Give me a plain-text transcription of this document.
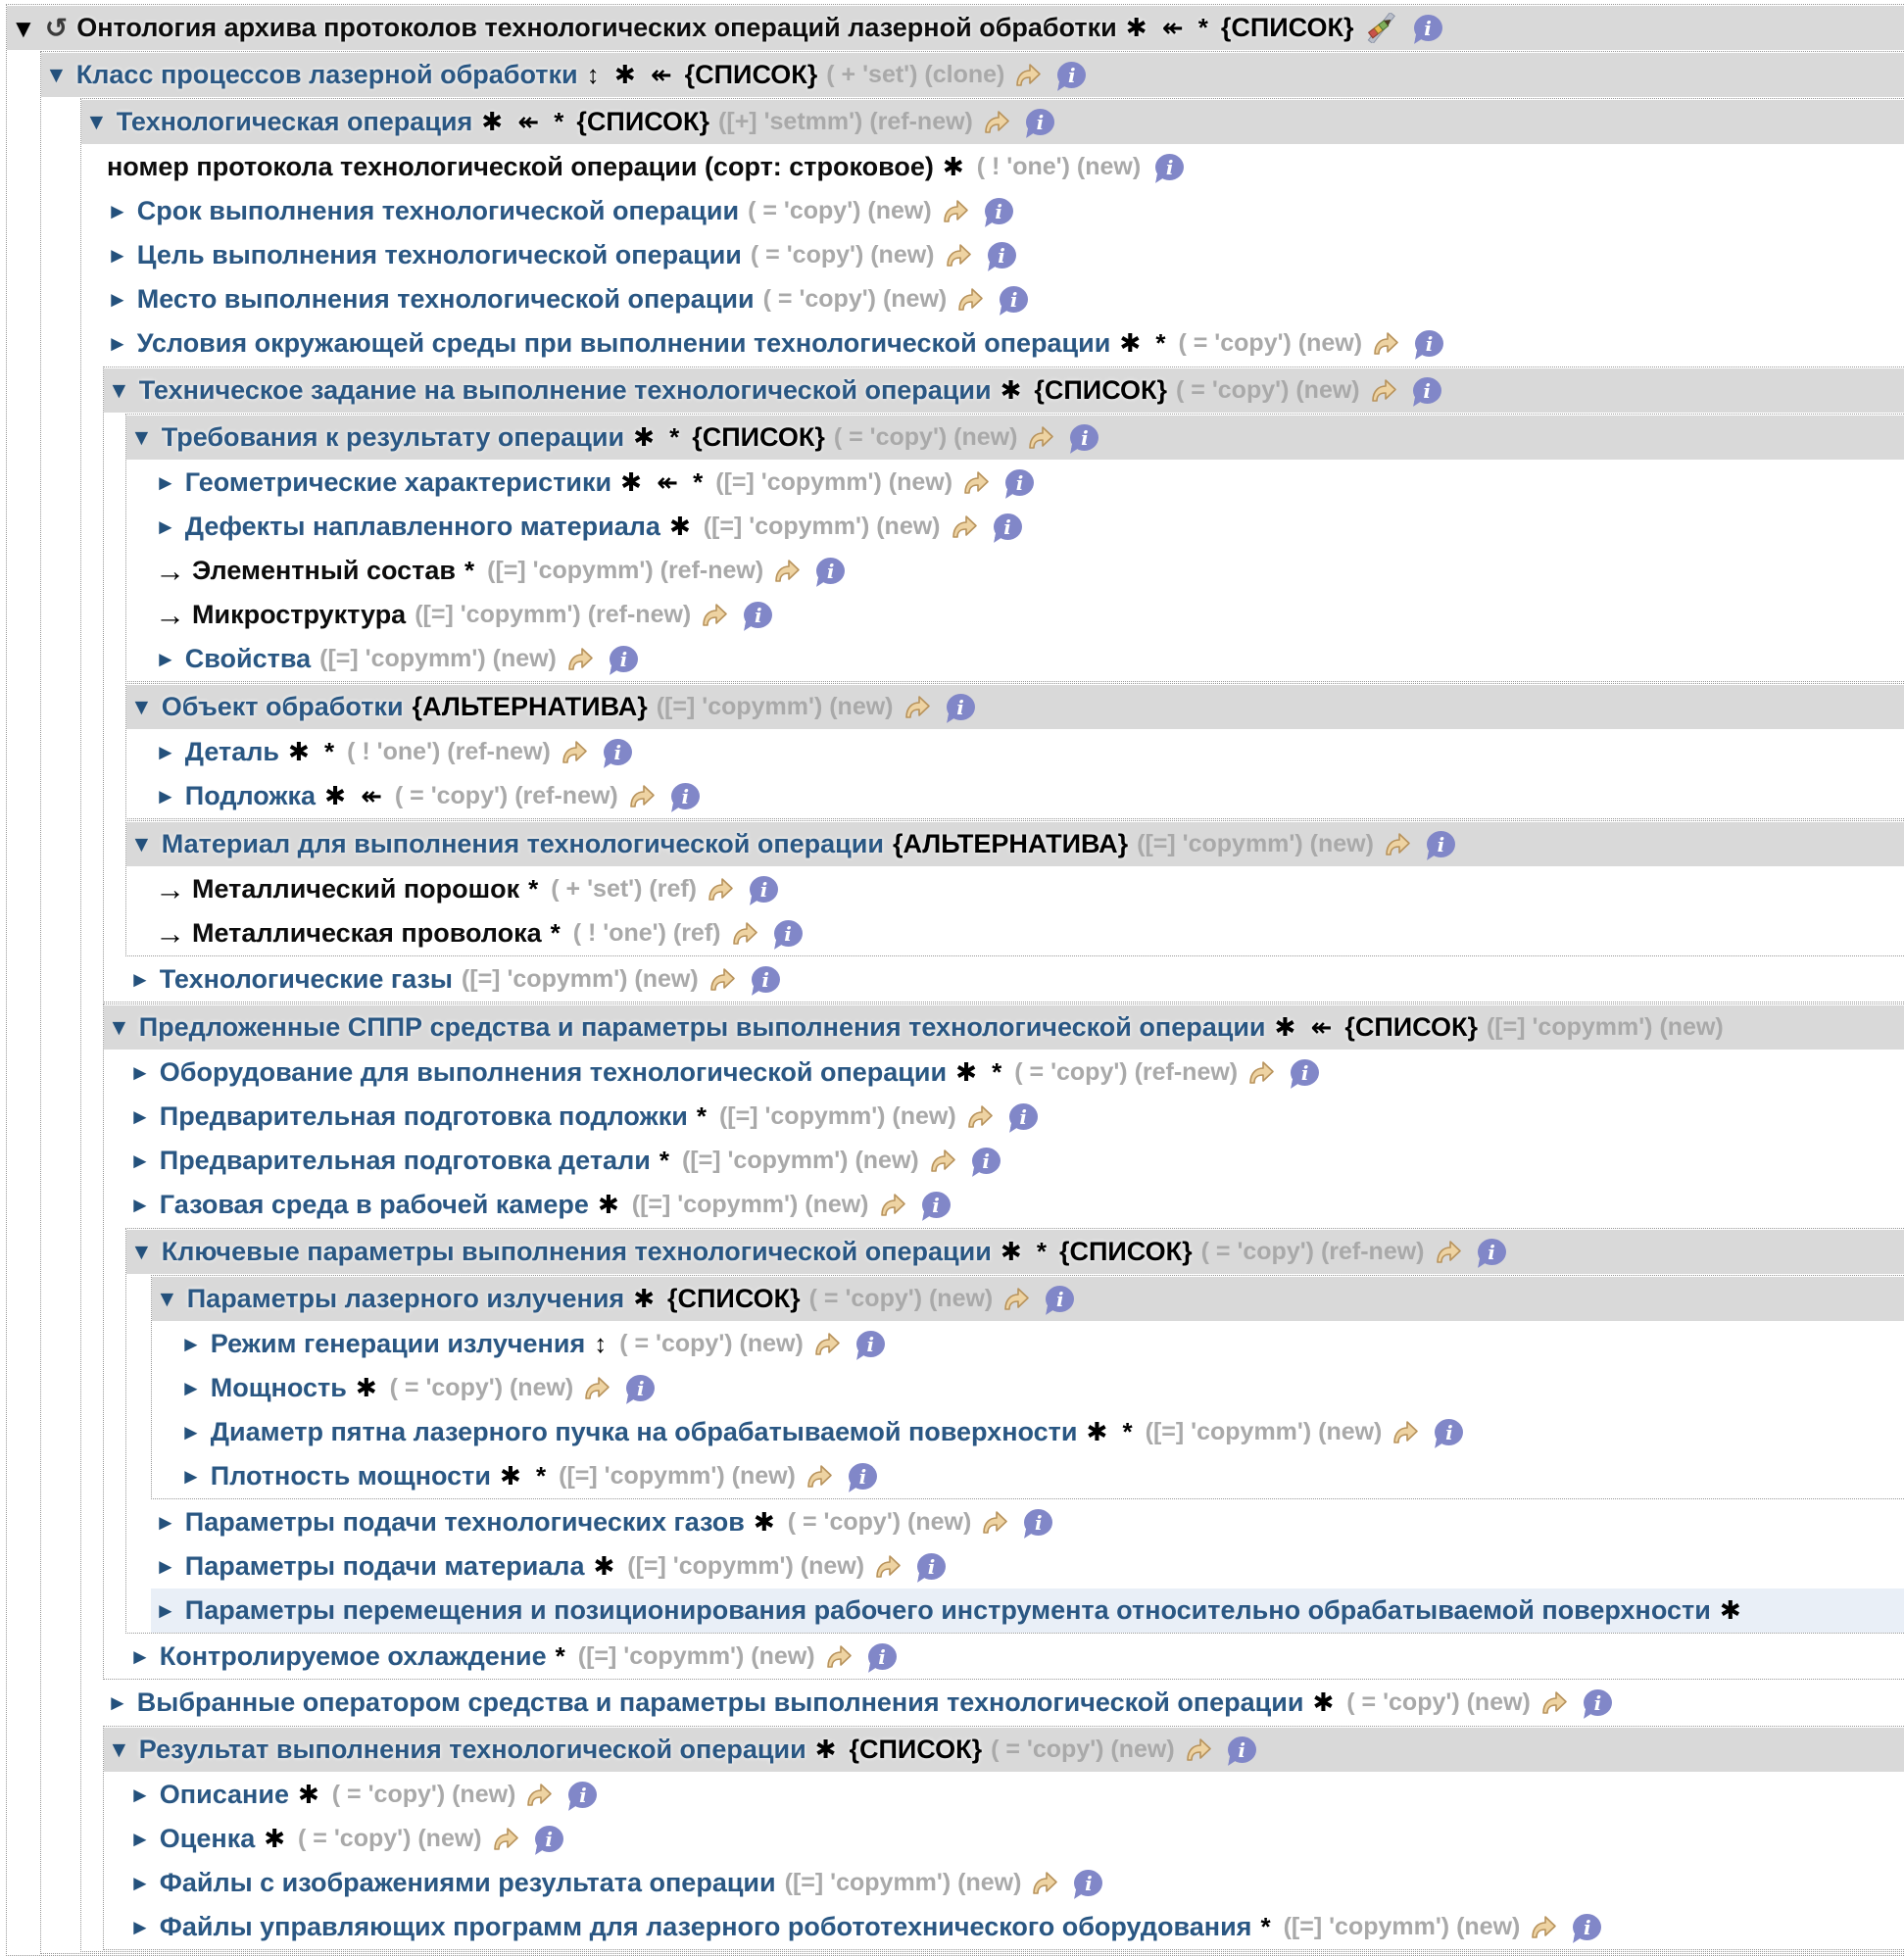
▼ ↺ Онтология архива протоколов технологических операций лазерной обработки ✱ ↞ * {СПИСОК}	i
▼ Класс процессов лазерной обработки ↕ ✱ ↞ {СПИСОК} ( + 'set') (clone)	i
▼ Технологическая операция ✱ ↞ * {СПИСОК} ([+] 'setmm') (ref-new)	i
номер протокола технологической операции (сорт: строковое) ✱ ( ! 'one') (new)	i
► Срок выполнения технологической операции ( = 'copy') (new)	i
► Цель выполнения технологической операции ( = 'copy') (new)	i
► Место выполнения технологической операции ( = 'copy') (new)	i
► Условия окружающей среды при выполнении технологической операции ✱ * ( = 'copy') (new)	i
▼ Техническое задание на выполнение технологической операции ✱ {СПИСОК} ( = 'copy') (new)	i
▼ Требования к результату операции ✱ * {СПИСОК} ( = 'copy') (new)	i
► Геометрические характеристики ✱ ↞ * ([=] 'copymm') (new)	i
► Дефекты наплавленного материала ✱ ([=] 'copymm') (new)	i
→ Элементный состав * ([=] 'copymm') (ref-new)	i
→ Микроструктура ([=] 'copymm') (ref-new)	i
► Свойства ([=] 'copymm') (new)	i
▼ Объект обработки {АЛЬТЕРНАТИВА} ([=] 'copymm') (new)	i
► Деталь ✱ * ( ! 'one') (ref-new)	i
► Подложка ✱ ↞ ( = 'copy') (ref-new)	i
▼ Материал для выполнения технологической операции {АЛЬТЕРНАТИВА} ([=] 'copymm') (new)	i
→ Металлический порошок * ( + 'set') (ref)	i
→ Металлическая проволока * ( ! 'one') (ref)	i
► Технологические газы ([=] 'copymm') (new)	i
▼ Предложенные СППР средства и параметры выполнения технологической операции ✱ ↞ {СПИСОК} ([=] 'copymm') (new)
► Оборудование для выполнения технологической операции ✱ * ( = 'copy') (ref-new)	i
► Предварительная подготовка подложки * ([=] 'copymm') (new)	i
► Предварительная подготовка детали * ([=] 'copymm') (new)	i
► Газовая среда в рабочей камере ✱ ([=] 'copymm') (new)	i
▼ Ключевые параметры выполнения технологической операции ✱ * {СПИСОК} ( = 'copy') (ref-new)	i
▼ Параметры лазерного излучения ✱ {СПИСОК} ( = 'copy') (new)	i
► Режим генерации излучения ↕ ( = 'copy') (new)	i
► Мощность ✱ ( = 'copy') (new)	i
► Диаметр пятна лазерного пучка на обрабатываемой поверхности ✱ * ([=] 'copymm') (new)	i
► Плотность мощности ✱ * ([=] 'copymm') (new)	i
► Параметры подачи технологических газов ✱ ( = 'copy') (new)	i
► Параметры подачи материала ✱ ([=] 'copymm') (new)	i
► Параметры перемещения и позиционирования рабочего инструмента относительно обрабатываемой поверхности ✱
► Контролируемое охлаждение * ([=] 'copymm') (new)	i
► Выбранные оператором средства и параметры выполнения технологической операции ✱ ( = 'copy') (new)	i
▼ Результат выполнения технологической операции ✱ {СПИСОК} ( = 'copy') (new)	i
► Описание ✱ ( = 'copy') (new)	i
► Оценка ✱ ( = 'copy') (new)	i
► Файлы с изображениями результата операции ([=] 'copymm') (new)	i
► Файлы управляющих программ для лазерного робототехнического оборудования * ([=] 'copymm') (new)	i
